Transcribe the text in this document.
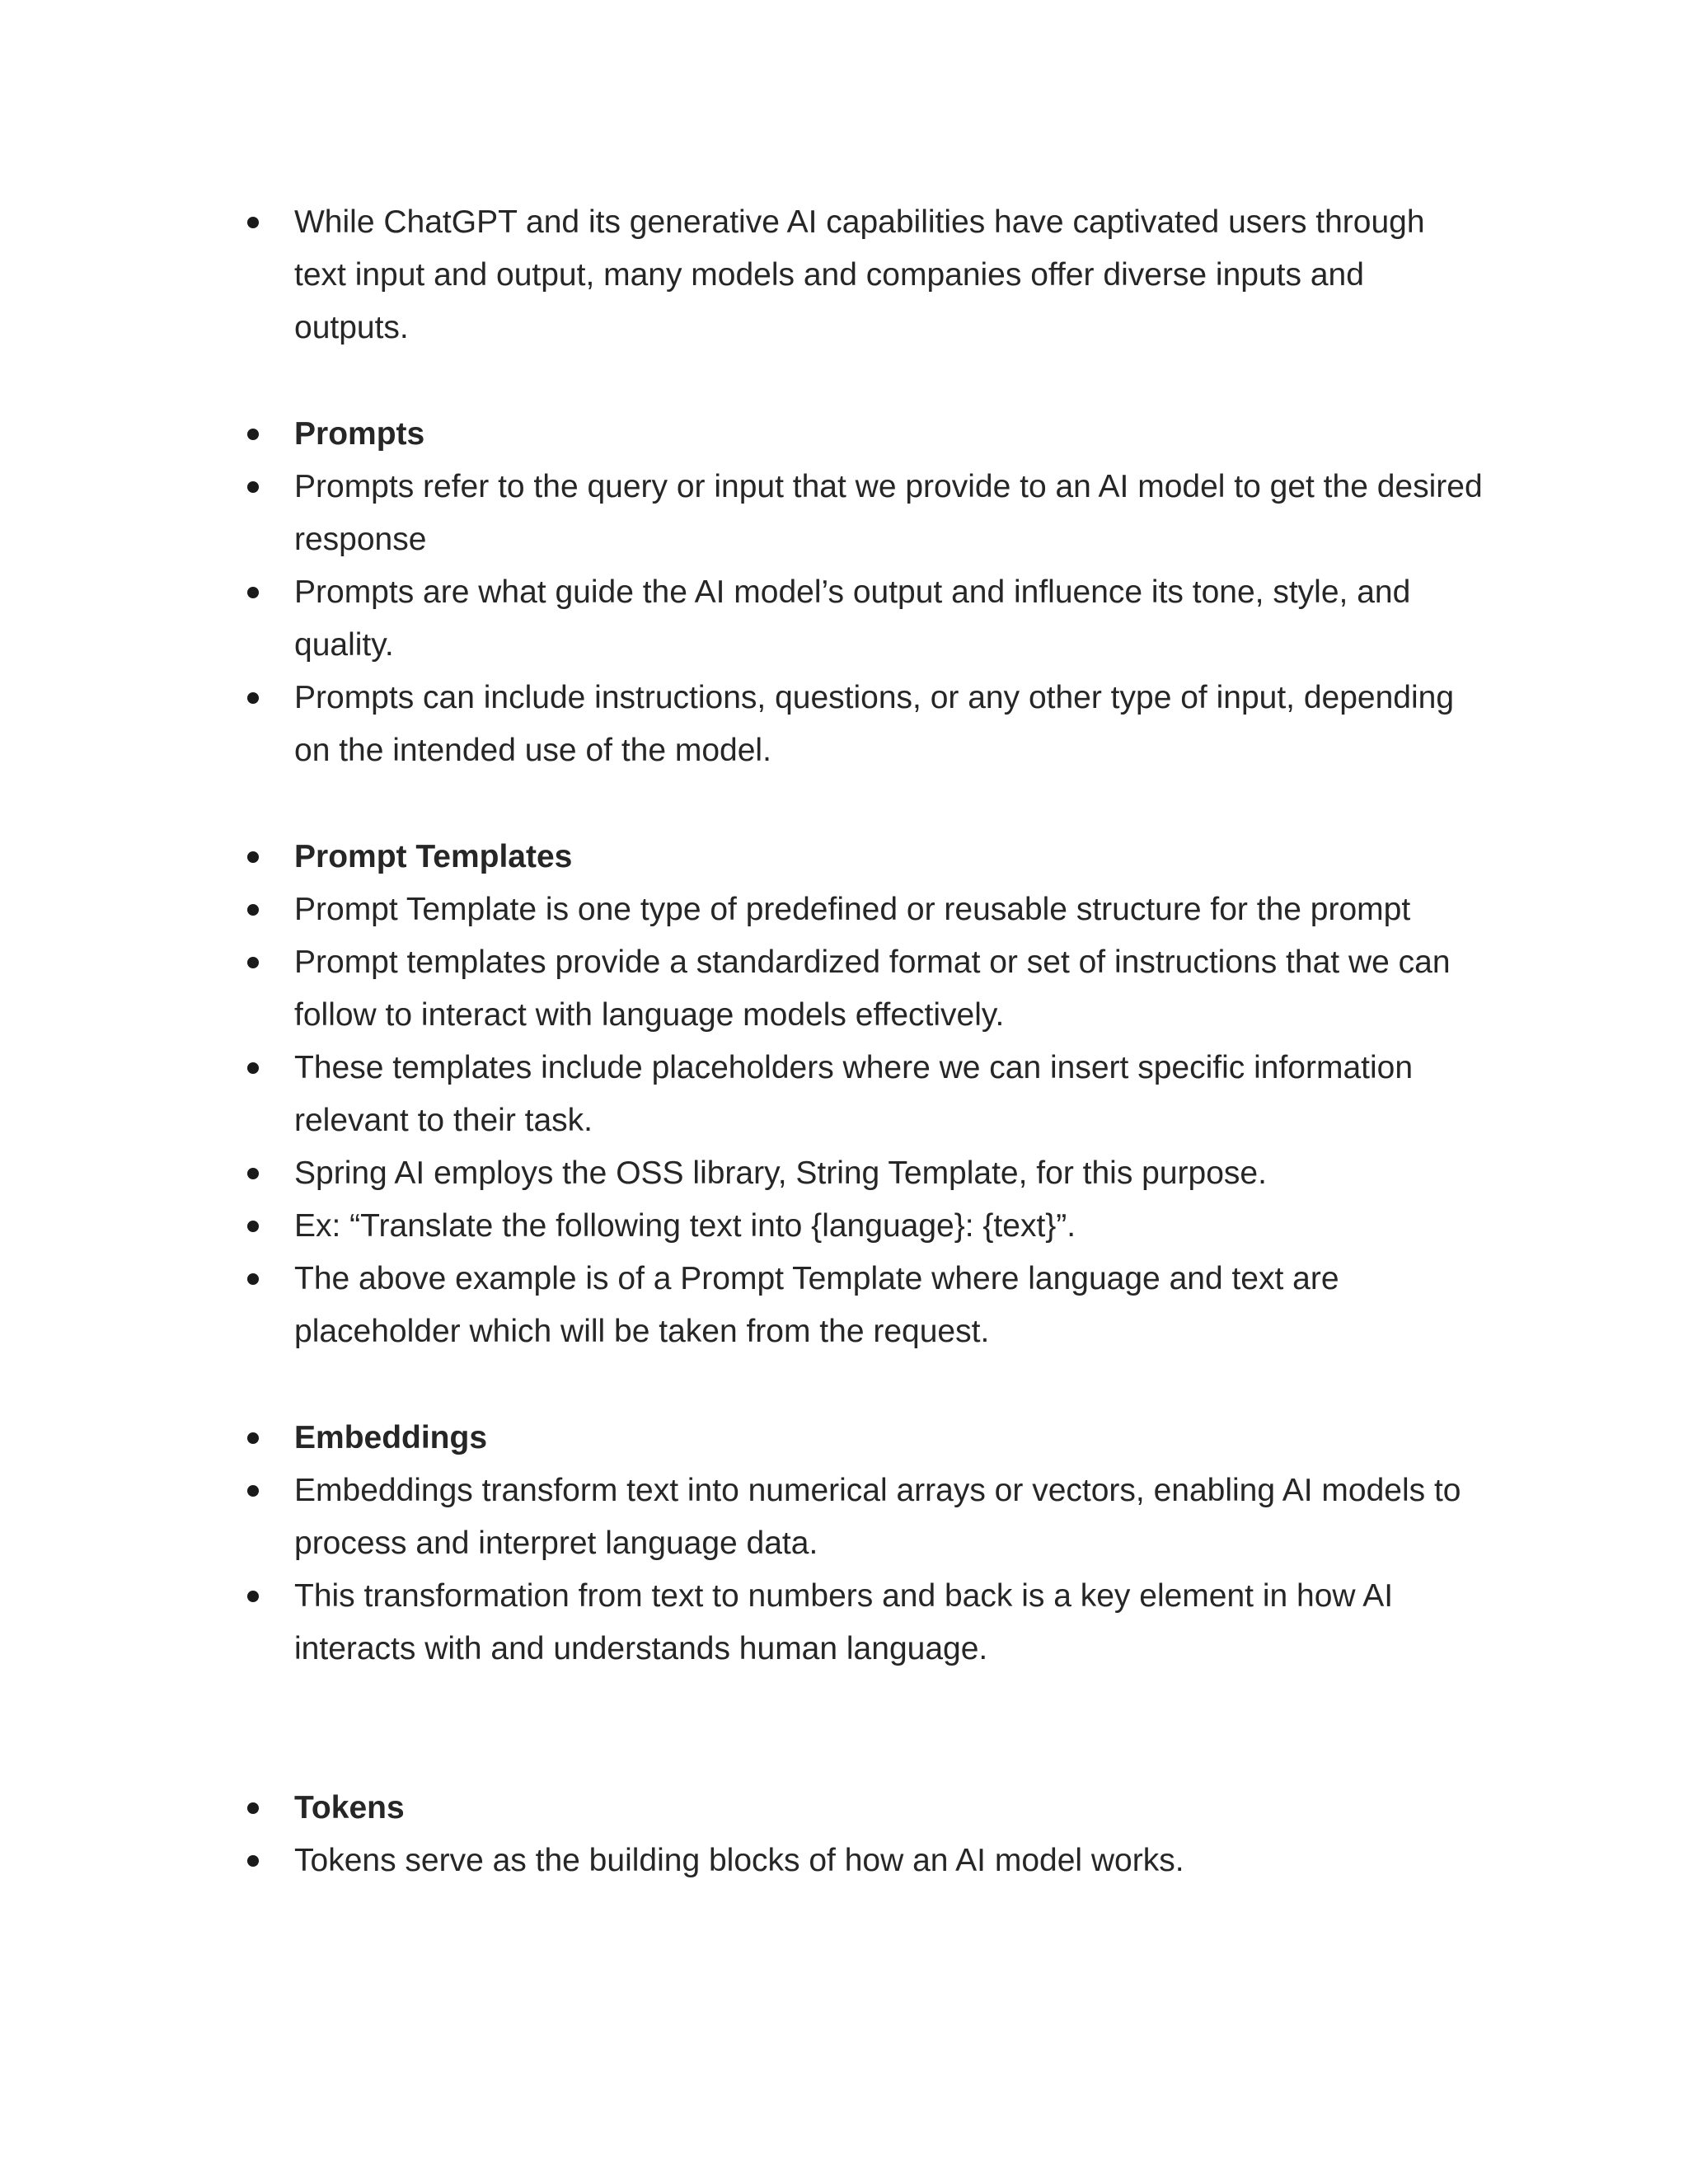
While ChatGPT and its generative AI capabilities have captivated users through text input and output, many models and companies offer diverse inputs and outputs.
Prompts
Prompts refer to the query or input that we provide to an AI model to get the desired response
Prompts are what guide the AI model’s output and influence its tone, style, and quality.
Prompts can include instructions, questions, or any other type of input, depending on the intended use of the model.
Prompt Templates
Prompt Template is one type of predefined or reusable structure for the prompt
Prompt templates provide a standardized format or set of instructions that we can follow to interact with language models effectively.
These templates include placeholders where we can insert specific information relevant to their task.
Spring AI employs the OSS library, String Template, for this purpose.
Ex: “Translate the following text into {language}: {text}”.
The above example is of a Prompt Template where language and text are placeholder which will be taken from the request.
Embeddings
Embeddings transform text into numerical arrays or vectors, enabling AI models to process and interpret language data.
This transformation from text to numbers and back is a key element in how AI interacts with and understands human language.
Tokens
Tokens serve as the building blocks of how an AI model works.
